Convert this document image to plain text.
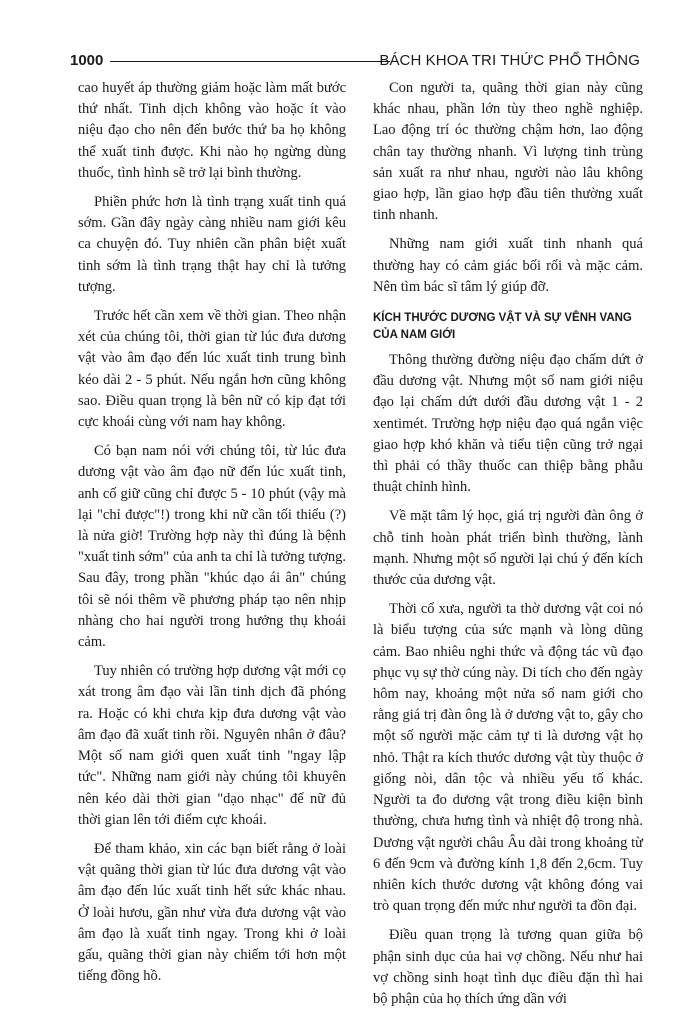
1000	BÁCH KHOA TRI THỨC PHỔ THÔNG

cao huyết áp thường giảm hoặc làm mất bước thứ nhất. Tinh dịch không vào hoặc ít vào niệu đạo cho nên đến bước thứ ba họ không thể xuất tinh được. Khi nào họ ngừng dùng thuốc, tình hình sẽ trở lại bình thường.

Phiền phức hơn là tình trạng xuất tinh quá sớm. Gần đây ngày càng nhiều nam giới kêu ca chuyện đó. Tuy nhiên cần phân biệt xuất tinh sớm là tình trạng thật hay chỉ là tưởng tượng.

Trước hết cần xem về thời gian. Theo nhận xét của chúng tôi, thời gian từ lúc đưa dương vật vào âm đạo đến lúc xuất tinh trung bình kéo dài 2 - 5 phút. Nếu ngắn hơn cũng không sao. Điều quan trọng là bên nữ có kịp đạt tới cực khoái cùng với nam hay không.

Có bạn nam nói với chúng tôi, từ lúc đưa dương vật vào âm đạo nữ đến lúc xuất tinh, anh cố giữ cũng chỉ được 5 - 10 phút (vậy mà lại "chỉ được"!) trong khi nữ cần tối thiểu (?) là nửa giờ! Trường hợp này thì đúng là bệnh "xuất tinh sớm" của anh ta chỉ là tưởng tượng. Sau đây, trong phần "khúc dạo ái ân" chúng tôi sẽ nói thêm về phương pháp tạo nên nhịp nhàng cho hai người trong hưởng thụ khoái cảm.

Tuy nhiên có trường hợp dương vật mới cọ xát trong âm đạo vài lần tinh dịch đã phóng ra. Hoặc có khi chưa kịp đưa dương vật vào âm đạo đã xuất tinh rồi. Nguyên nhân ở đâu? Một số nam giới quen xuất tinh "ngay lập tức". Những nam giới này chúng tôi khuyên nên kéo dài thời gian "dạo nhạc" để nữ đủ thời gian lên tới điểm cực khoái.

Để tham khảo, xin các bạn biết rằng ở loài vật quãng thời gian từ lúc đưa dương vật vào âm đạo đến lúc xuất tinh hết sức khác nhau. Ở loài hươu, gần như vừa đưa dương vật vào âm đạo là xuất tinh ngay. Trong khi ở loài gấu, quãng thời gian này chiếm tới hơn một tiếng đồng hồ.

Con người ta, quãng thời gian này cũng khác nhau, phần lớn tùy theo nghề nghiệp. Lao động trí óc thường chậm hơn, lao động chân tay thường nhanh. Vì lượng tinh trùng sản xuất ra như nhau, người nào lâu không giao hợp, lần giao hợp đầu tiên thường xuất tinh nhanh.

Những nam giới xuất tinh nhanh quá thường hay có cảm giác bối rối và mặc cảm. Nên tìm bác sĩ tâm lý giúp đỡ.

KÍCH THƯỚC DƯƠNG VẬT VÀ SỰ VÊNH VANG CỦA NAM GIỚI

Thông thường đường niệu đạo chấm dứt ở đầu dương vật. Nhưng một số nam giới niệu đạo lại chấm dứt dưới đầu dương vật 1 - 2 xentimét. Trường hợp niệu đạo quá ngắn việc giao hợp khó khăn và tiểu tiện cũng trở ngại thì phải có thầy thuốc can thiệp bằng phẫu thuật chỉnh hình.

Về mặt tâm lý học, giá trị người đàn ông ở chỗ tinh hoàn phát triển bình thường, lành mạnh. Nhưng một số người lại chú ý đến kích thước của dương vật.

Thời cổ xưa, người ta thờ dương vật coi nó là biểu tượng của sức mạnh và lòng dũng cảm. Bao nhiêu nghi thức và động tác vũ đạo phục vụ sự thờ cúng này. Di tích cho đến ngày hôm nay, khoảng một nửa số nam giới cho rằng giá trị đàn ông là ở dương vật to, gây cho một số người mặc cảm tự ti là dương vật họ nhỏ. Thật ra kích thước dương vật tùy thuộc ở giống nòi, dân tộc và nhiều yếu tố khác. Người ta đo dương vật trong điều kiện bình thường, chưa hưng tình và nhiệt độ trong nhà. Dương vật người châu Âu dài trong khoảng từ 6 đến 9cm và đường kính 1,8 đến 2,6cm. Tuy nhiên kích thước dương vật không đóng vai trò quan trọng đến mức như người ta đồn đại.

Điều quan trọng là tương quan giữa bộ phận sinh dục của hai vợ chồng. Nếu như hai vợ chồng sinh hoạt tình dục điều đặn thì hai bộ phận của họ thích ứng dần với
